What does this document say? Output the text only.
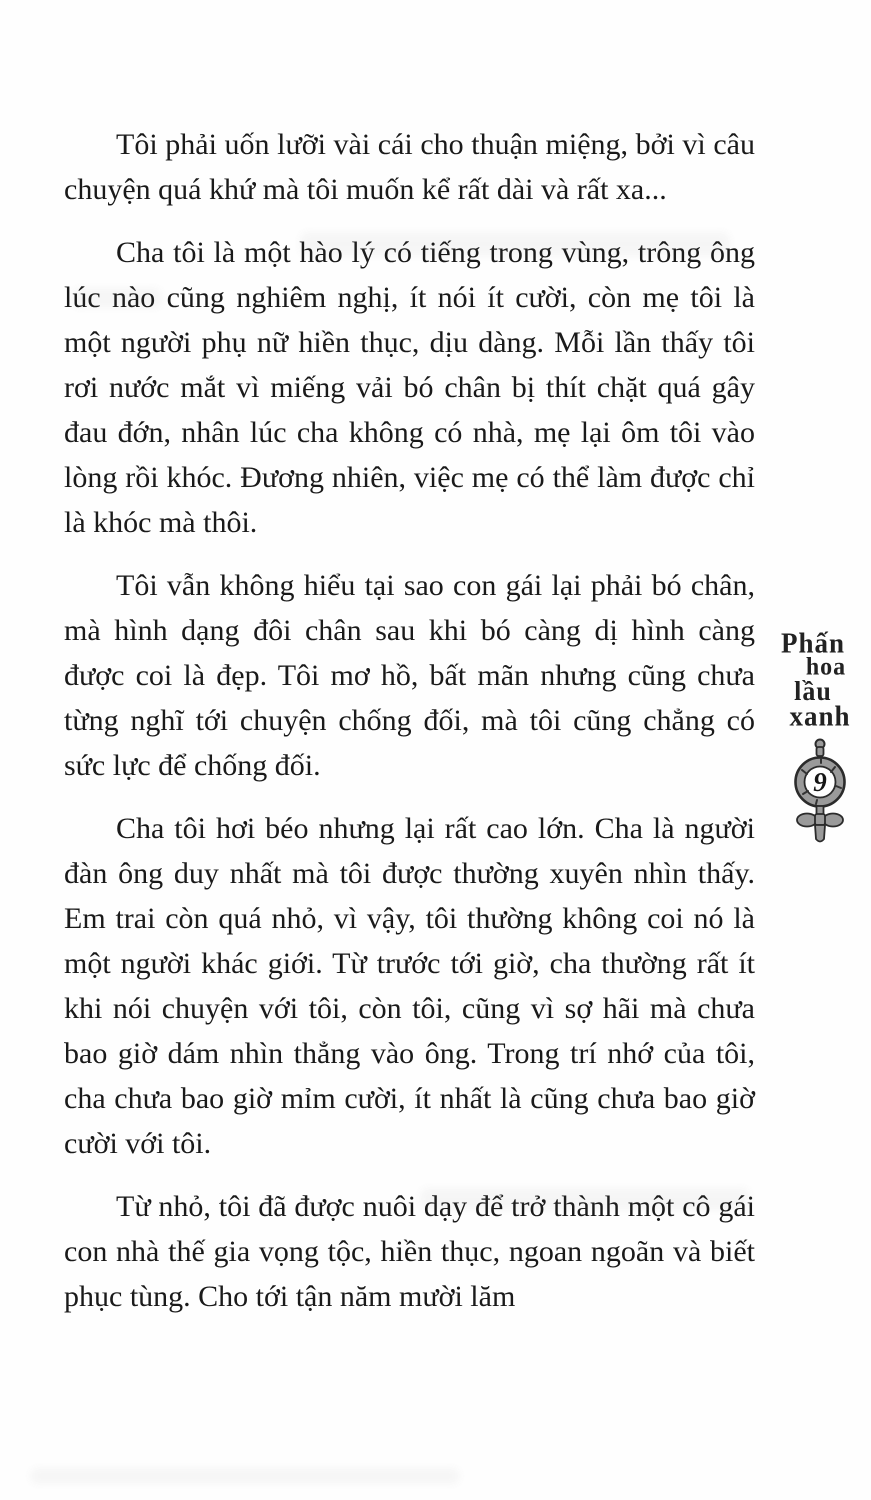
Tôi phải uốn lưỡi vài cái cho thuận miệng, bởi vì câu chuyện quá khứ mà tôi muốn kể rất dài và rất xa...

Cha tôi là một hào lý có tiếng trong vùng, trông ông lúc nào cũng nghiêm nghị, ít nói ít cười, còn mẹ tôi là một người phụ nữ hiền thục, dịu dàng. Mỗi lần thấy tôi rơi nước mắt vì miếng vải bó chân bị thít chặt quá gây đau đớn, nhân lúc cha không có nhà, mẹ lại ôm tôi vào lòng rồi khóc. Đương nhiên, việc mẹ có thể làm được chỉ là khóc mà thôi.

Tôi vẫn không hiểu tại sao con gái lại phải bó chân, mà hình dạng đôi chân sau khi bó càng dị hình càng được coi là đẹp. Tôi mơ hồ, bất mãn nhưng cũng chưa từng nghĩ tới chuyện chống đối, mà tôi cũng chẳng có sức lực để chống đối.

Cha tôi hơi béo nhưng lại rất cao lớn. Cha là người đàn ông duy nhất mà tôi được thường xuyên nhìn thấy. Em trai còn quá nhỏ, vì vậy, tôi thường không coi nó là một người khác giới. Từ trước tới giờ, cha thường rất ít khi nói chuyện với tôi, còn tôi, cũng vì sợ hãi mà chưa bao giờ dám nhìn thẳng vào ông. Trong trí nhớ của tôi, cha chưa bao giờ mỉm cười, ít nhất là cũng chưa bao giờ cười với tôi.

Từ nhỏ, tôi đã được nuôi dạy để trở thành một cô gái con nhà thế gia vọng tộc, hiền thục, ngoan ngoãn và biết phục tùng. Cho tới tận năm mười lăm

Phấn
hoa
lầu
xanh
9
